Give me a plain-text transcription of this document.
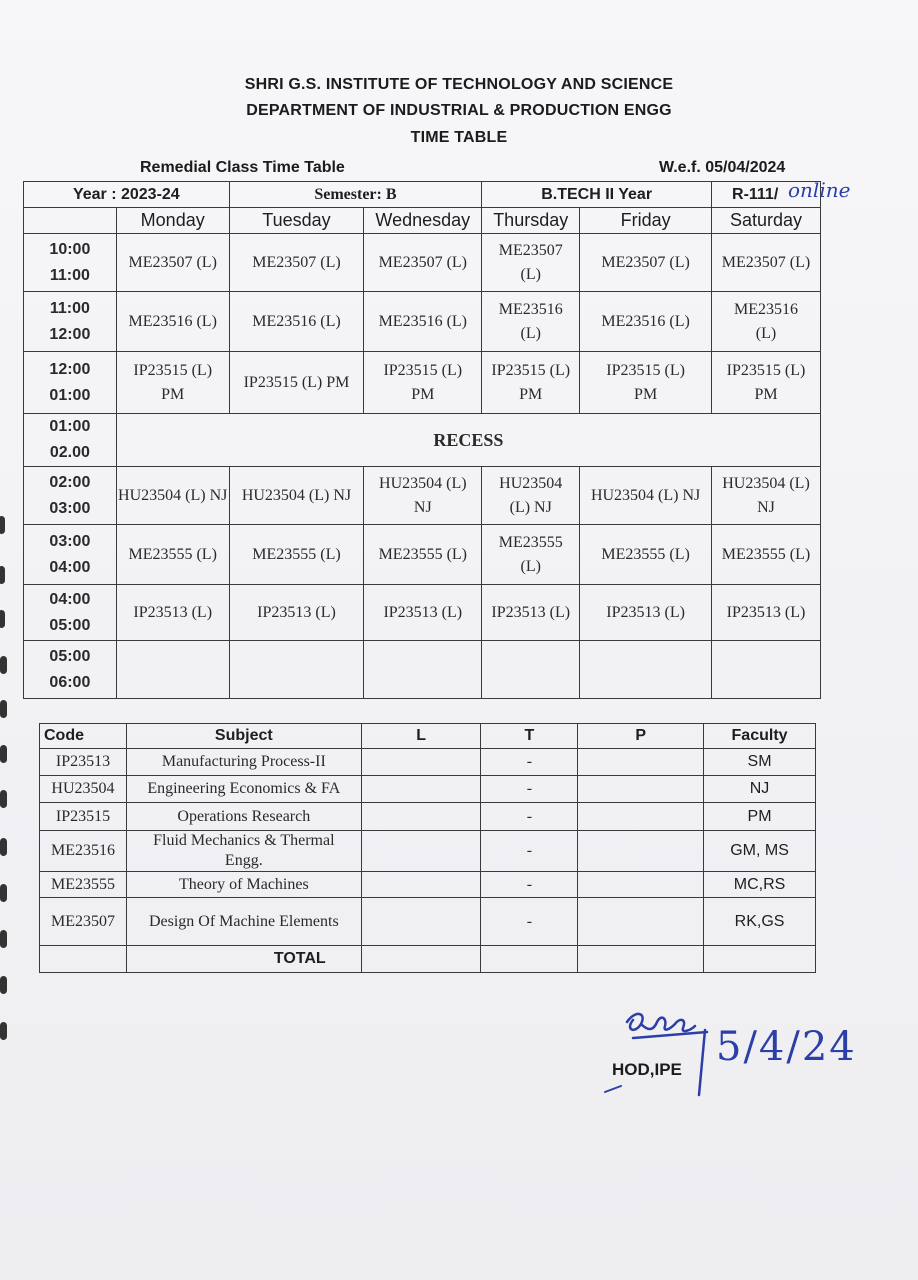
SHRI G.S. INSTITUTE OF TECHNOLOGY AND SCIENCE
DEPARTMENT OF INDUSTRIAL & PRODUCTION ENGG
TIME TABLE
Remedial Class Time Table	W.e.f. 05/04/2024
Year : 2023-24		Semester: B		B.TECH II Year		R-111/
	Monday	Tuesday	Wednesday	Thursday	Friday	Saturday

10:00
11:00	ME23507 (L)	ME23507 (L)	ME23507 (L)	ME23507 (L)	ME23507 (L)	ME23507 (L)

11:00
12:00	ME23516 (L)	ME23516 (L)	ME23516 (L)	ME23516 (L)	ME23516 (L)	ME23516 (L)

12:00
01:00	IP23515 (L) PM	IP23515 (L) PM	IP23515 (L) PM	IP23515 (L) PM	IP23515 (L) PM	IP23515 (L) PM

01:00
02.00	RECESS					

02:00
03:00	HU23504 (L) NJ	HU23504 (L) NJ	HU23504 (L) NJ	HU23504 (L) NJ	HU23504 (L) NJ	HU23504 (L) NJ

03:00
04:00	ME23555 (L)	ME23555 (L)	ME23555 (L)	ME23555 (L)	ME23555 (L)	ME23555 (L)

04:00
05:00	IP23513 (L)	IP23513 (L)	IP23513 (L)	IP23513 (L)	IP23513 (L)	IP23513 (L)

05:00
06:00						

online
Code	Subject	L	T	P	Faculty
IP23513	Manufacturing Process-II		-		SM
HU23504	Engineering Economics & FA		-		NJ
IP23515	Operations Research		-		PM
ME23516	Fluid Mechanics & Thermal Engg.		-		GM, MS
ME23555	Theory of Machines		-		MC,RS
ME23507	Design Of Machine Elements		-		RK,GS
	TOTAL				
5/4/24
HOD,IPE
